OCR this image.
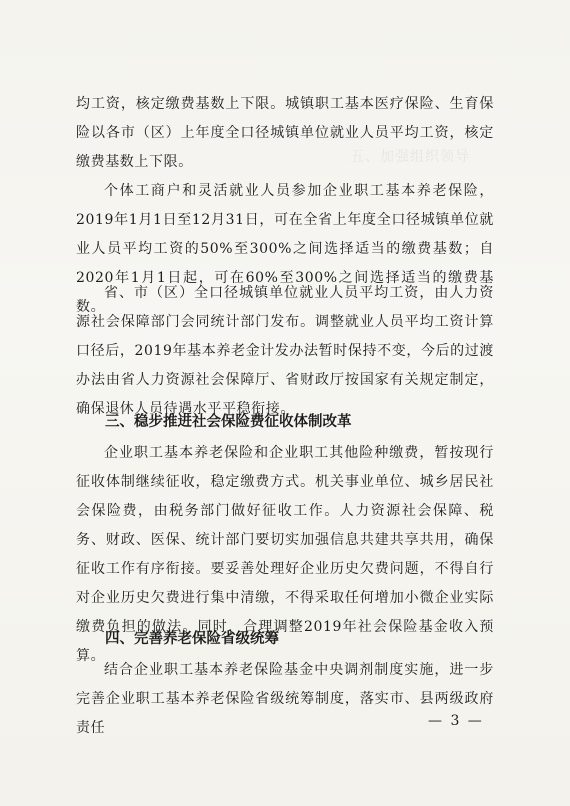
五、加强组织领导

均工资，核定缴费基数上下限。城镇职工基本医疗保险、生育保险以各市（区）上年度全口径城镇单位就业人员平均工资，核定缴费基数上下限。

个体工商户和灵活就业人员参加企业职工基本养老保险，2019年1月1日至12月31日，可在全省上年度全口径城镇单位就业人员平均工资的50%至300%之间选择适当的缴费基数；自2020年1月1日起，可在60%至300%之间选择适当的缴费基数。

省、市（区）全口径城镇单位就业人员平均工资，由人力资源社会保障部门会同统计部门发布。调整就业人员平均工资计算口径后，2019年基本养老金计发办法暂时保持不变，今后的过渡办法由省人力资源社会保障厅、省财政厅按国家有关规定制定，确保退休人员待遇水平平稳衔接。

三、稳步推进社会保险费征收体制改革

企业职工基本养老保险和企业职工其他险种缴费，暂按现行征收体制继续征收，稳定缴费方式。机关事业单位、城乡居民社会保险费，由税务部门做好征收工作。人力资源社会保障、税务、财政、医保、统计部门要切实加强信息共建共享共用，确保征收工作有序衔接。要妥善处理好企业历史欠费问题，不得自行对企业历史欠费进行集中清缴，不得采取任何增加小微企业实际缴费负担的做法。同时，合理调整2019年社会保险基金收入预算。

四、完善养老保险省级统筹

结合企业职工基本养老保险基金中央调剂制度实施，进一步完善企业职工基本养老保险省级统筹制度，落实市、县两级政府责任	— 3 —
